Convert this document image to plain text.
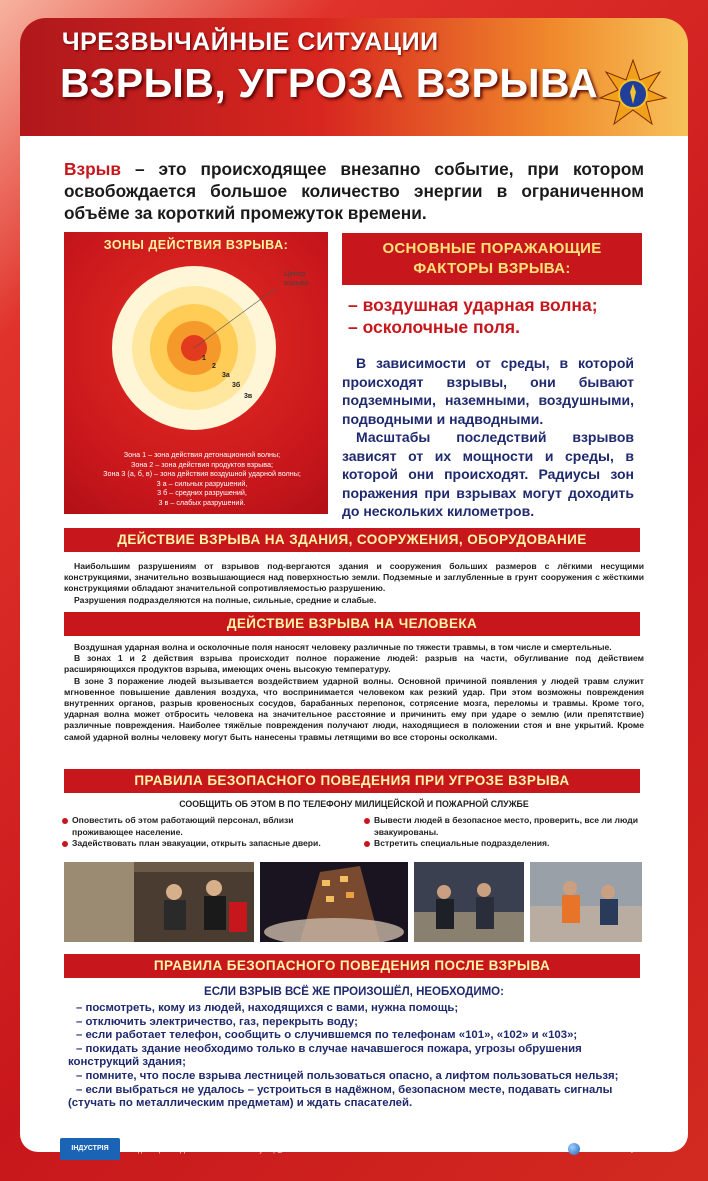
ЧРЕЗВЫЧАЙНЫЕ СИТУАЦИИ
ВЗРЫВ, УГРОЗА ВЗРЫВА
Взрыв – это происходящее внезапно событие, при котором освобождается большое количество энергии в ограниченном объёме за короткий промежуток времени.
ЗОНЫ ДЕЙСТВИЯ ВЗРЫВА:
Центр
взрыва
1
2
3а
3б
3в
Зона 1 – зона действия детонационной волны;
Зона 2 – зона действия продуктов взрыва;
Зона 3 (а, б, в) – зона действия воздушной ударной волны;
3 а – сильных разрушений,
3 б – средних разрушений,
3 в – слабых разрушений.
ОСНОВНЫЕ ПОРАЖАЮЩИЕ
ФАКТОРЫ ВЗРЫВА:
– воздушная ударная волна;
– осколочные поля.

В зависимости от среды, в которой происходят взрывы, они бывают подземными, наземными, воздушными, подводными и надводными.

Масштабы последствий взрывов зависят от их мощности и среды, в которой они происходят. Радиусы зон поражения при взрывах могут доходить до нескольких километров.

ДЕЙСТВИЕ ВЗРЫВА НА ЗДАНИЯ, СООРУЖЕНИЯ, ОБОРУДОВАНИЕ

Наибольшим разрушениям от взрывов под-вергаются здания и сооружения больших размеров с лёгкими несущими конструкциями, значительно возвышающиеся над поверхностью земли. Подземные и заглубленные в грунт сооружения с жёсткими конструкциями обладают значительной сопротивляемостью разрушению.

Разрушения подразделяются на полные, сильные, средние и слабые.

ДЕЙСТВИЕ ВЗРЫВА НА ЧЕЛОВЕКА

Воздушная ударная волна и осколочные поля наносят человеку различные по тяжести травмы, в том числе и смертельные.

В зонах 1 и 2 действия взрыва происходит полное поражение людей: разрыв на части, обугливание под действием расширяющихся продуктов взрыва, имеющих очень высокую температуру.

В зоне 3 поражение людей вызывается воздействием ударной волны. Основной причиной появления у людей травм служит мгновенное повышение давления воздуха, что воспринимается человеком как резкий удар. При этом возможны повреждения внутренних органов, разрыв кровеносных сосудов, барабанных перепонок, сотрясение мозга, переломы и травмы. Кроме того, ударная волна может отбросить человека на значительное расстояние и причинить ему при ударе о землю (или препятствие) различные повреждения. Наиболее тяжёлые повреждения получают люди, находящиеся в положении стоя и вне укрытий. Кроме самой ударной волны человеку могут быть нанесены травмы летящими во все стороны осколками.

ПРАВИЛА БЕЗОПАСНОГО ПОВЕДЕНИЯ ПРИ УГРОЗЕ ВЗРЫВА
СООБЩИТЬ ОБ ЭТОМ В ПО ТЕЛЕФОНУ МИЛИЦЕЙСКОЙ И ПОЖАРНОЙ СЛУЖБЕ
Оповестить об этом работающий персонал, вблизи проживающее население.
Задействовать план эвакуации, открыть запасные двери.
Вывести людей в безопасное место, проверить, все ли люди эвакуированы.
Встретить специальные подразделения.
ПРАВИЛА БЕЗОПАСНОГО ПОВЕДЕНИЯ ПОСЛЕ ВЗРЫВА
ЕСЛИ ВЗРЫВ ВСЁ ЖЕ ПРОИЗОШЁЛ, НЕОБХОДИМО:
– посмотреть, кому из людей, находящихся с вами, нужна помощь;
– отключить электричество, газ, перекрыть воду;
– если работает телефон, сообщить о случившемся по телефонам «101», «102» и «103»;
– покидать здание необходимо только в случае начавшегося пожара, угрозы обрушения конструкций здания;
– помните, что после взрыва лестницей пользоваться опасно, а лифтом пользоваться нельзя;
– если выбраться не удалось – устроиться в надёжном, безопасном месте, подавать сигналы (стучать по металлическим предметам) и ждать спасателей.
ІНДУСТРІЯ
61070, м. Харків, а/с 10070,
Видавництво "ІНДУСТРІЯ"
Тел.: (057) 733-41-20, (057) 75-65-069
E-mail: industryshop@ukr.net	www.industry.kh.ua
